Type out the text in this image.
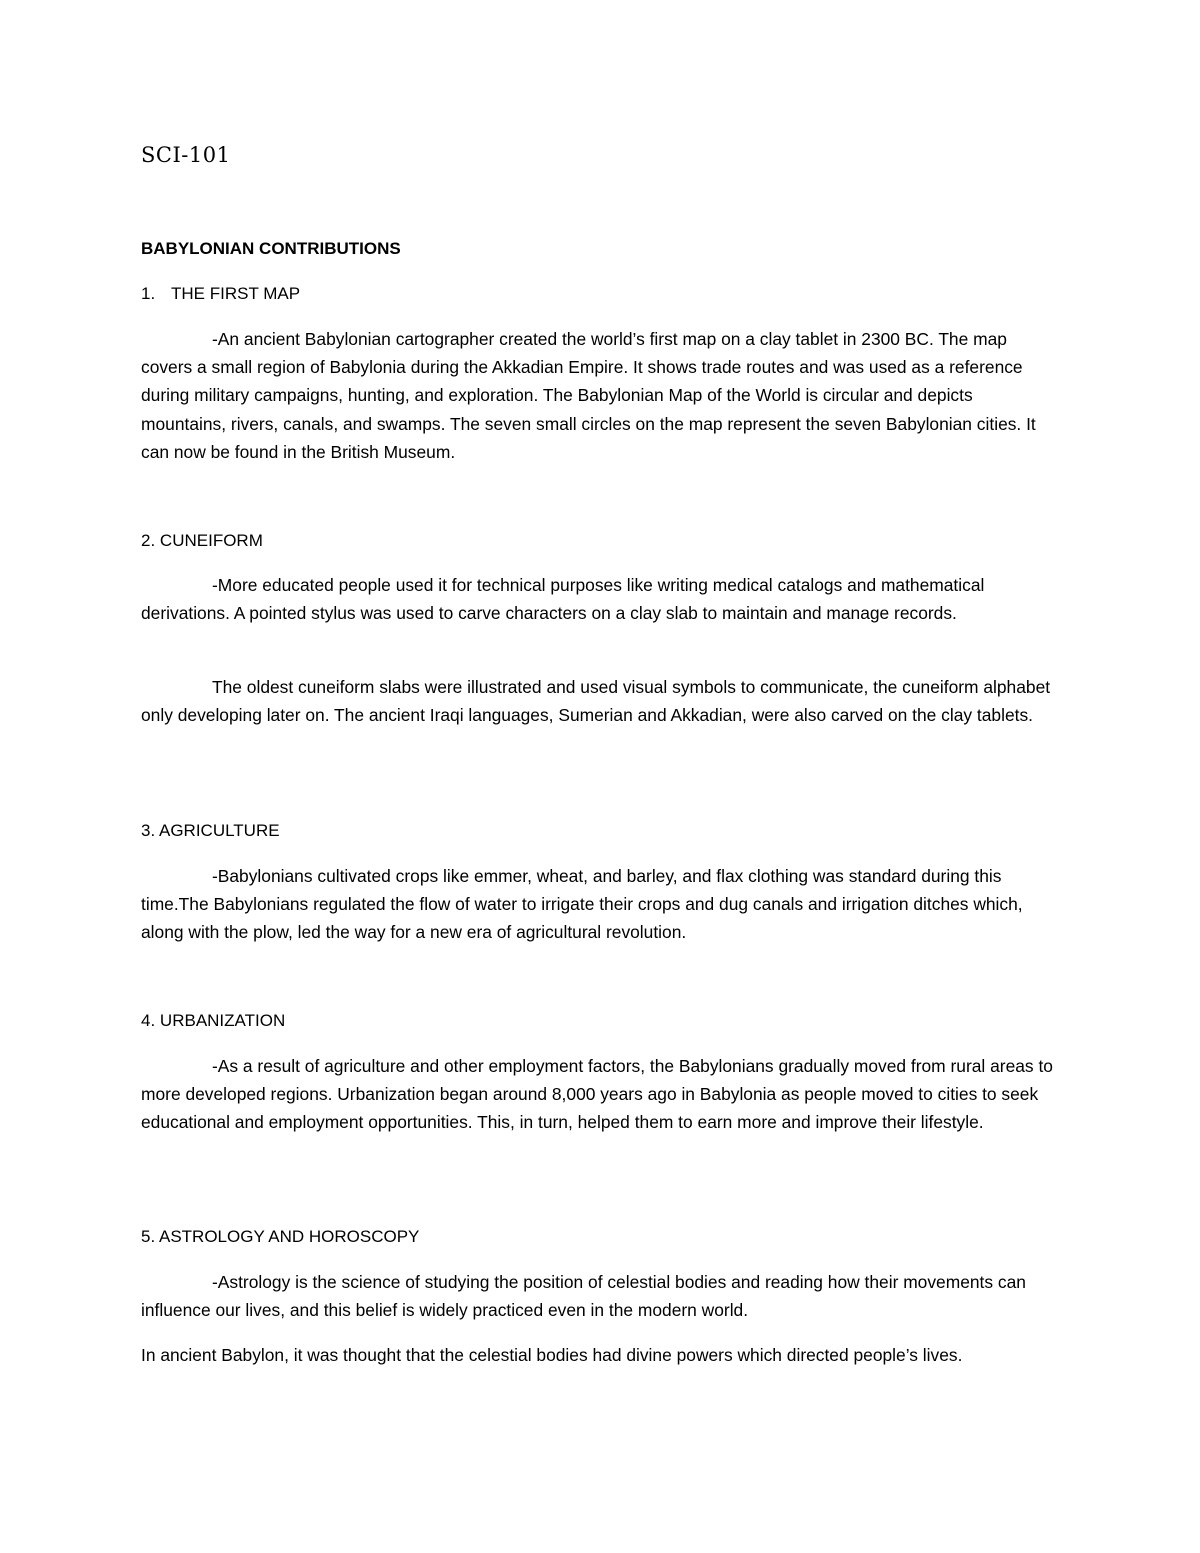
SCI-101
BABYLONIAN CONTRIBUTIONS
1. THE FIRST MAP

-An ancient Babylonian cartographer created the world’s first map on a clay tablet in 2300 BC. The map covers a small region of Babylonia during the Akkadian Empire. It shows trade routes and was used as a reference during military campaigns, hunting, and exploration. The Babylonian Map of the World is circular and depicts mountains, rivers, canals, and swamps. The seven small circles on the map represent the seven Babylonian cities. It can now be found in the British Museum.

2. CUNEIFORM

-More educated people used it for technical purposes like writing medical catalogs and mathematical derivations. A pointed stylus was used to carve characters on a clay slab to maintain and manage records.

The oldest cuneiform slabs were illustrated and used visual symbols to communicate, the cuneiform alphabet only developing later on. The ancient Iraqi languages, Sumerian and Akkadian, were also carved on the clay tablets.

3. AGRICULTURE

-Babylonians cultivated crops like emmer, wheat, and barley, and flax clothing was standard during this time.The Babylonians regulated the flow of water to irrigate their crops and dug canals and irrigation ditches which, along with the plow, led the way for a new era of agricultural revolution.

4. URBANIZATION

-As a result of agriculture and other employment factors, the Babylonians gradually moved from rural areas to more developed regions. Urbanization began around 8,000 years ago in Babylonia as people moved to cities to seek educational and employment opportunities. This, in turn, helped them to earn more and improve their lifestyle.

5. ASTROLOGY AND HOROSCOPY

-Astrology is the science of studying the position of celestial bodies and reading how their movements can influence our lives, and this belief is widely practiced even in the modern world.

In ancient Babylon, it was thought that the celestial bodies had divine powers which directed people’s lives.
